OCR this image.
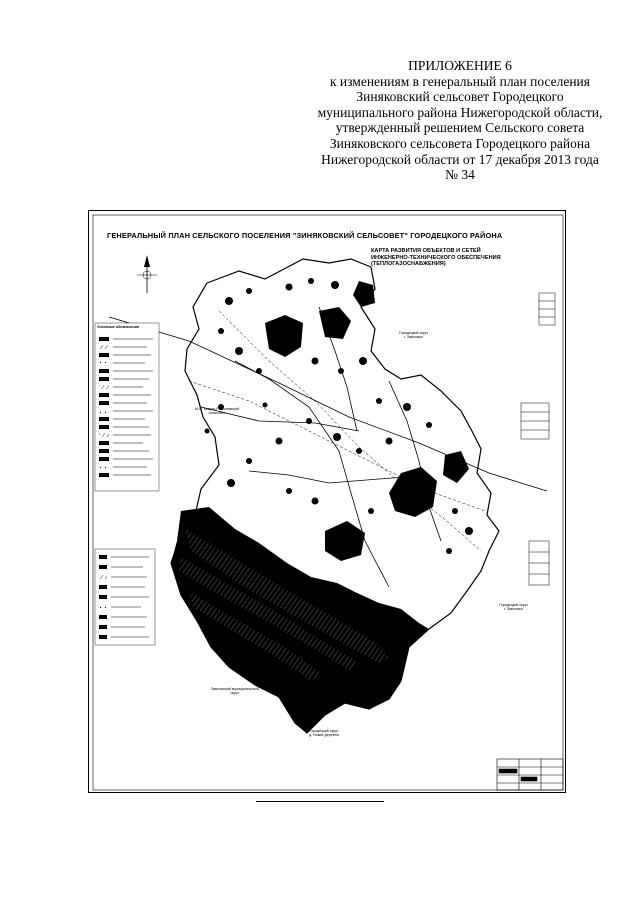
ПРИЛОЖЕНИЕ 6
к изменениям в генеральный план поселения
Зиняковский сельсовет Городецкого
муниципального района Нижегородской области,
утвержденный решением Сельского совета
Зиняковского сельсовета Городецкого района
Нижегородской области от 17 декабря 2013 года
№ 34
ГЕНЕРАЛЬНЫЙ ПЛАН СЕЛЬСКОГО ПОСЕЛЕНИЯ "ЗИНЯКОВСКИЙ СЕЛЬСОВЕТ" ГОРОДЕЦКОГО РАЙОНА
КАРТА РАЗВИТИЯ ОБЪЕКТОВ И СЕТЕЙ
ИНЖЕНЕРНО-ТЕХНИЧЕСКОГО ОБЕСПЕЧЕНИЯ
(ТЕПЛОГАЗОСНАБЖЕНИЯ)
Условные обозначения
Городецкий округ
г. Заволжье
М.О. Ковриг-Рыжиновский
сельсовет
Городецкий округ
г. Заволжье
Заволжский муниципальный
округ
Городецкий округ
д. Новая Деревня
